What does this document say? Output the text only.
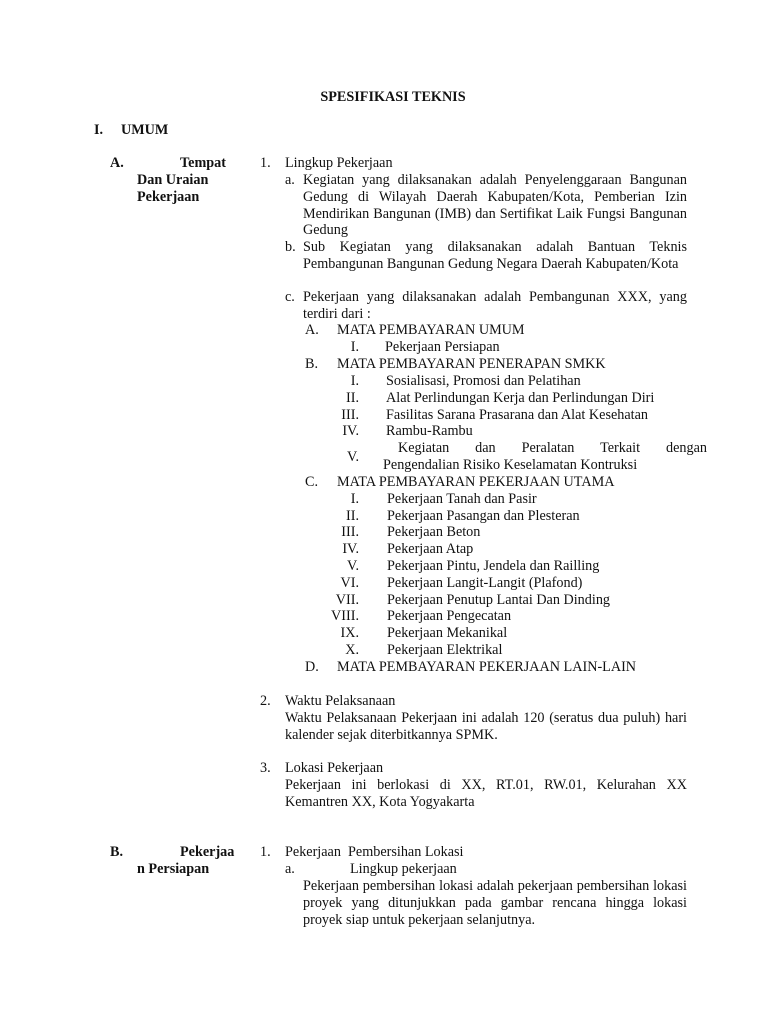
SPESIFIKASI TEKNIS
I. UMUM
A.	Tempat
Dan Uraian
Pekerjaan
1. Lingkup Pekerjaan
a. Kegiatan yang dilaksanakan adalah Penyelenggaraan Bangunan Gedung di Wilayah Daerah Kabupaten/Kota, Pemberian Izin Mendirikan Bangunan (IMB) dan Sertifikat Laik Fungsi Bangunan Gedung
b. Sub Kegiatan yang dilaksanakan adalah Bantuan Teknis Pembangunan Bangunan Gedung Negara Daerah Kabupaten/Kota
c. Pekerjaan yang dilaksanakan adalah Pembangunan XXX, yang terdiri dari :
A. MATA PEMBAYARAN UMUM
I. Pekerjaan Persiapan
B. MATA PEMBAYARAN PENERAPAN SMKK
I. Sosialisasi, Promosi dan Pelatihan
II. Alat Perlindungan Kerja dan Perlindungan Diri
III. Fasilitas Sarana Prasarana dan Alat Kesehatan
IV. Rambu-Rambu
V.
Kegiatan dan Peralatan Terkait dengan
Pengendalian Risiko Keselamatan Kontruksi
C. MATA PEMBAYARAN PEKERJAAN UTAMA
I. Pekerjaan Tanah dan Pasir
II. Pekerjaan Pasangan dan Plesteran
III. Pekerjaan Beton
IV. Pekerjaan Atap
V. Pekerjaan Pintu, Jendela dan Railling
VI. Pekerjaan Langit-Langit (Plafond)
VII. Pekerjaan Penutup Lantai Dan Dinding
VIII. Pekerjaan Pengecatan
IX. Pekerjaan Mekanikal
X. Pekerjaan Elektrikal
D. MATA PEMBAYARAN PEKERJAAN LAIN-LAIN
2. Waktu Pelaksanaan
Waktu Pelaksanaan Pekerjaan ini adalah 120 (seratus dua puluh) hari kalender sejak diterbitkannya SPMK.
3. Lokasi Pekerjaan
Pekerjaan ini berlokasi di XX, RT.01, RW.01, Kelurahan XX Kemantren XX, Kota Yogyakarta
B.	Pekerjaa
n Persiapan
1. Pekerjaan  Pembersihan Lokasi
a.	Lingkup pekerjaan
Pekerjaan pembersihan lokasi adalah pekerjaan pembersihan lokasi proyek yang ditunjukkan pada gambar rencana hingga lokasi proyek siap untuk pekerjaan selanjutnya.
